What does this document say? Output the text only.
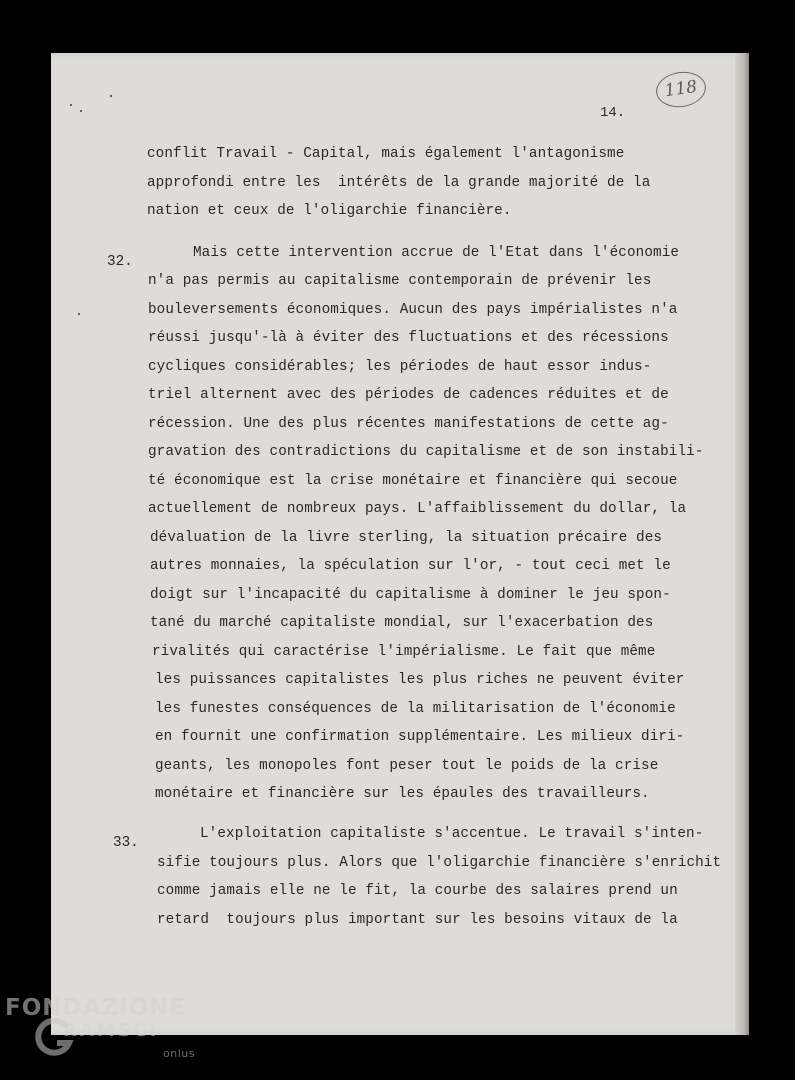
118
14.
conflit Travail - Capital, mais également l'antagonisme
approfondi entre les  intérêts de la grande majorité de la
nation et ceux de l'oligarchie financière.
32.
Mais cette intervention accrue de l'Etat dans l'économie
n'a pas permis au capitalisme contemporain de prévenir les
bouleversements économiques. Aucun des pays impérialistes n'a
réussi jusqu'-là à éviter des fluctuations et des récessions
cycliques considérables; les périodes de haut essor indus-
triel alternent avec des périodes de cadences réduites et de
récession. Une des plus récentes manifestations de cette ag-
gravation des contradictions du capitalisme et de son instabili-
té économique est la crise monétaire et financière qui secoue
actuellement de nombreux pays. L'affaiblissement du dollar, la
dévaluation de la livre sterling, la situation précaire des
autres monnaies, la spéculation sur l'or, - tout ceci met le
doigt sur l'incapacité du capitalisme à dominer le jeu spon-
tané du marché capitaliste mondial, sur l'exacerbation des
rivalités qui caractérise l'impérialisme. Le fait que même
les puissances capitalistes les plus riches ne peuvent éviter
les funestes conséquences de la militarisation de l'économie
en fournit une confirmation supplémentaire. Les milieux diri-
geants, les monopoles font peser tout le poids de la crise
monétaire et financière sur les épaules des travailleurs.
33.
L'exploitation capitaliste s'accentue. Le travail s'inten-
sifie toujours plus. Alors que l'oligarchie financière s'enrichit
comme jamais elle ne le fit, la courbe des salaires prend un
retard  toujours plus important sur les besoins vitaux de la
FONDAZIONE
RAMSCI
onlus
